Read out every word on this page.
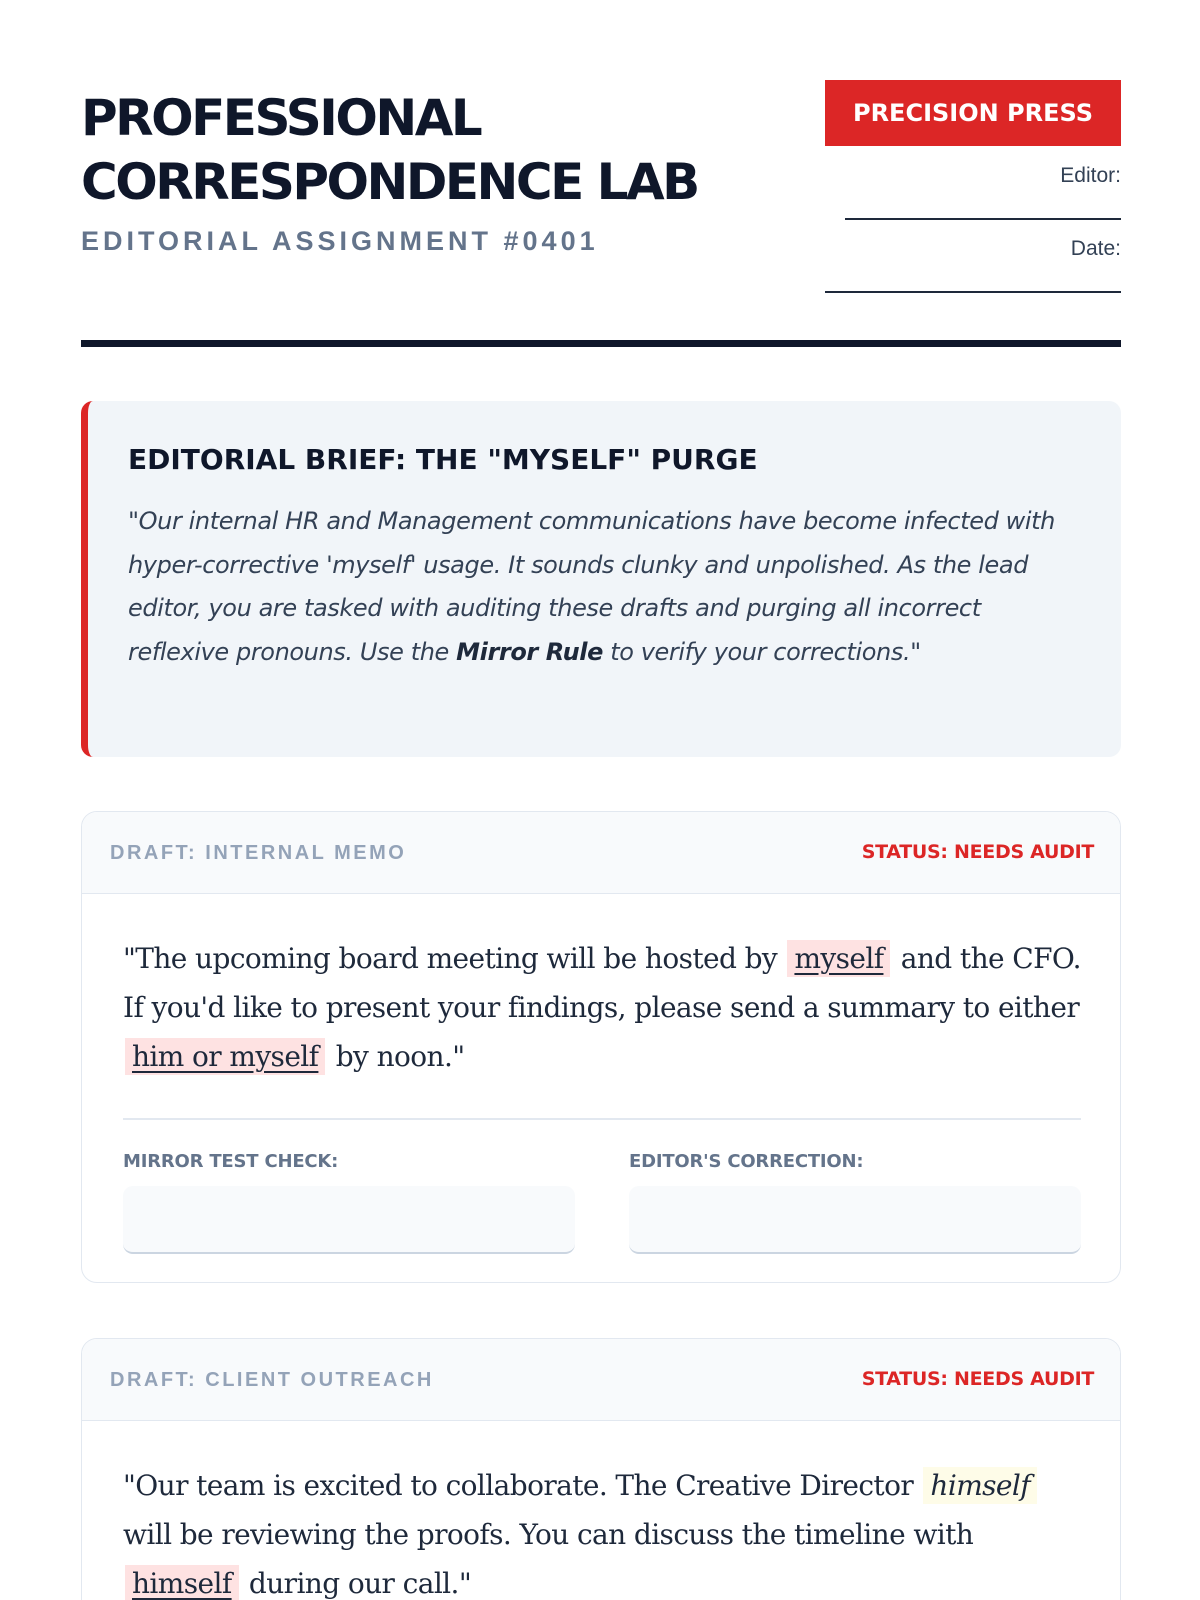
PROFESSIONAL CORRESPONDENCE LAB
EDITORIAL ASSIGNMENT #0401
PRECISION PRESS
Editor:
Date:
EDITORIAL BRIEF: THE "MYSELF" PURGE
"Our internal HR and Management communications have become infected with hyper-corrective 'myself' usage. It sounds clunky and unpolished. As the lead editor, you are tasked with auditing these drafts and purging all incorrect reflexive pronouns. Use the Mirror Rule to verify your corrections."
DRAFT: INTERNAL MEMO	STATUS: NEEDS AUDIT
"The upcoming board meeting will be hosted by myself and the CFO. If you'd like to present your findings, please send a summary to either him or myself by noon."
MIRROR TEST CHECK:	EDITOR'S CORRECTION:
DRAFT: CLIENT OUTREACH	STATUS: NEEDS AUDIT
"Our team is excited to collaborate. The Creative Director himself will be reviewing the proofs. You can discuss the timeline with himself during our call."
